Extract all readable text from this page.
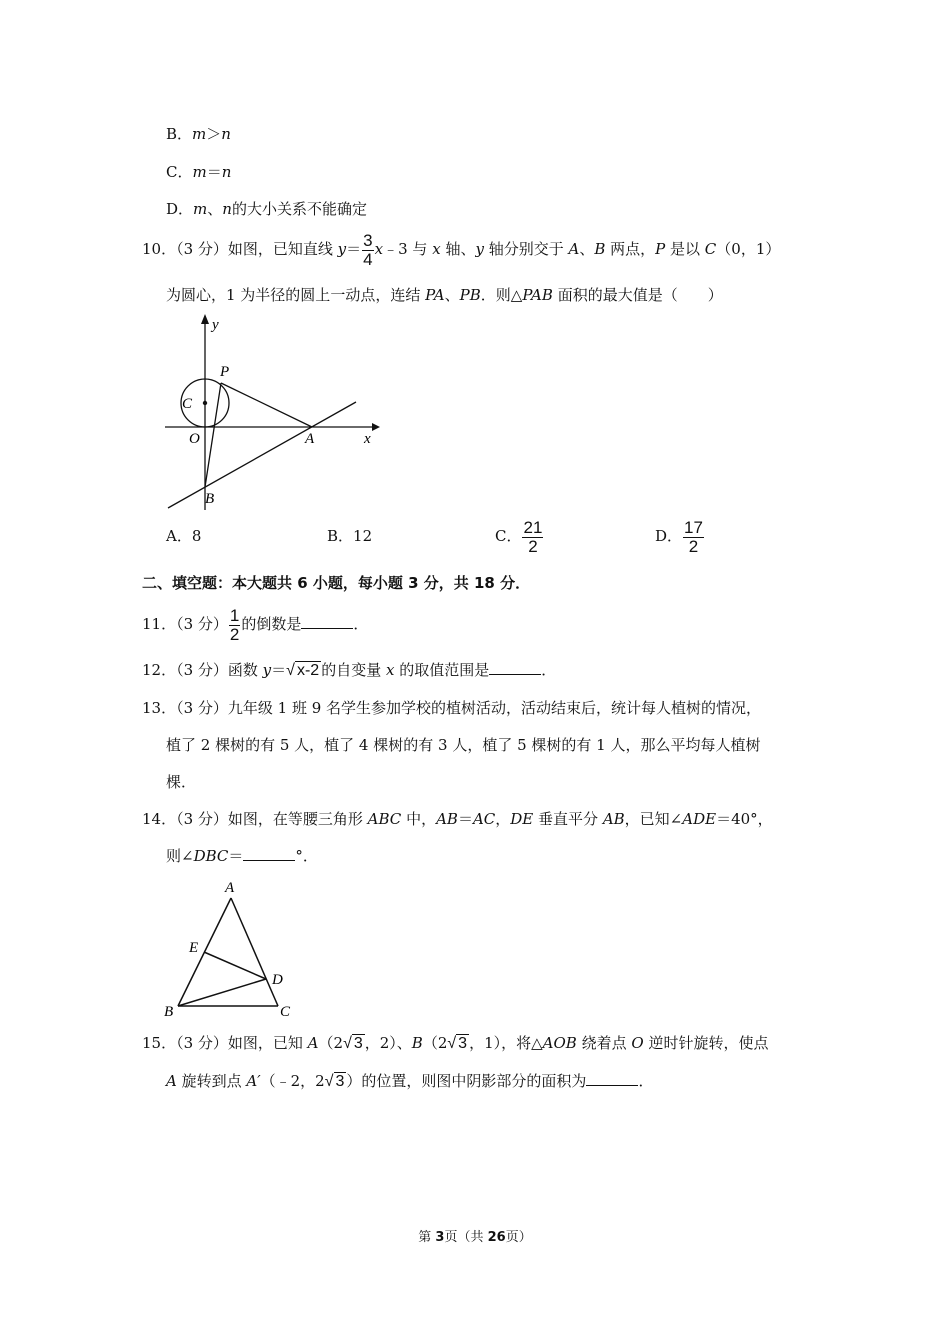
B．m＞n
C．m＝n
D．m、n的大小关系不能确定
10．（3 分）如图，已知直线 $y= \frac{3}{4}$ x﹣3 与 x 轴、y 轴分别交于 A、B 两点，P 是以 C（0，1）
为圆心，1 为半径的圆上一动点，连结 PA、PB．则△PAB 面积的最大值是（　　）
y
x
P
C
O	A
B
A．8	B．12	C． $\frac{21}{2}$	D． $\frac{17}{2}$
二、填空题：本大题共 6 小题，每小题 3 分，共 18 分．
11．（3 分） $\frac{1}{2}$ 的倒数是	．
12．（3 分）函数 y＝√ x-2 的自变量 x 的取值范围是	．
13．（3 分）九年级 1 班 9 名学生参加学校的植树活动，活动结束后，统计每人植树的情况，
植了 2 棵树的有 5 人，植了 4 棵树的有 3 人，植了 5 棵树的有 1 人，那么平均每人植树
棵．
14．（3 分）如图，在等腰三角形 ABC 中，AB＝AC，DE 垂直平分 AB，已知∠ADE＝40°，
则∠DBC＝	°．
A
E
D
B	C
15．（3 分）如图，已知 A（2√ 3 ，2）、B（2√ 3 ，1），将△AOB 绕着点 O 逆时针旋转，使点
A 旋转到点 A′（﹣2，2√ 3 ）的位置，则图中阴影部分的面积为	．
第 3页（共 26页）
